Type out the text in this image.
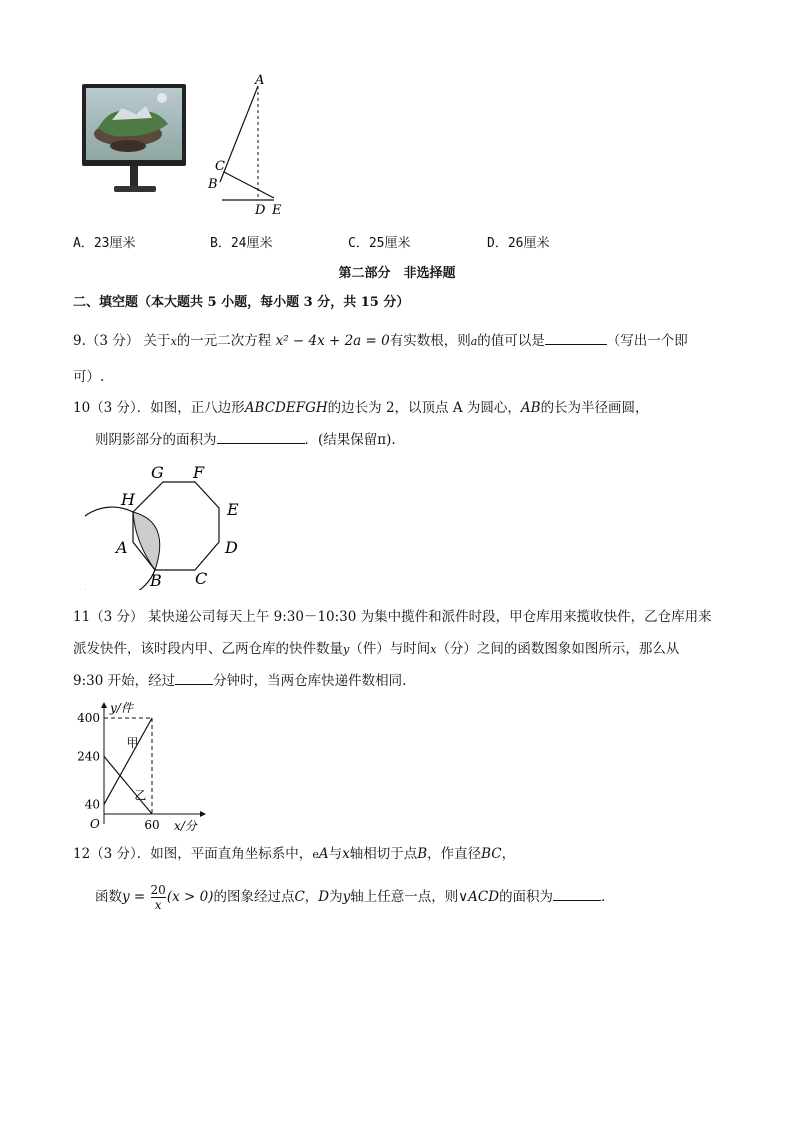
A
C
B
D E
A．23厘米	B．24厘米	C．25厘米	D．26厘米
第二部分　非选择题
二、填空题（本大题共 5 小题，每小题 3 分，共 15 分）
9.（3 分） 关于x的一元二次方程 x² − 4x + 2a = 0有实数根，则a的值可以是	（写出一个即
可）.
10（3 分）．如图，正八边形ABCDEFGH的边长为 2，以顶点 A 为圆心，AB的长为半径画圆，
则阴影部分的面积为	．(结果保留π).
G F
H
E
A	D
B C
11（3 分） 某快递公司每天上午 9:30－10:30 为集中揽件和派件时段，甲仓库用来揽收快件，乙仓库用来
派发快件，该时段内甲、乙两仓库的快件数量y（件）与时间x（分）之间的函数图象如图所示，那么从
9:30 开始，经过	分钟时，当两仓库快递件数相同.
y/件
x/分
O
甲
乙
400
240
40
60
12（3 分）．如图，平面直角坐标系中，eA与x轴相切于点B，作直径BC，
函数$y = \frac{20}{x} (x > 0)$的图象经过点C，D为y轴上任意一点，则∨ACD的面积为	．
